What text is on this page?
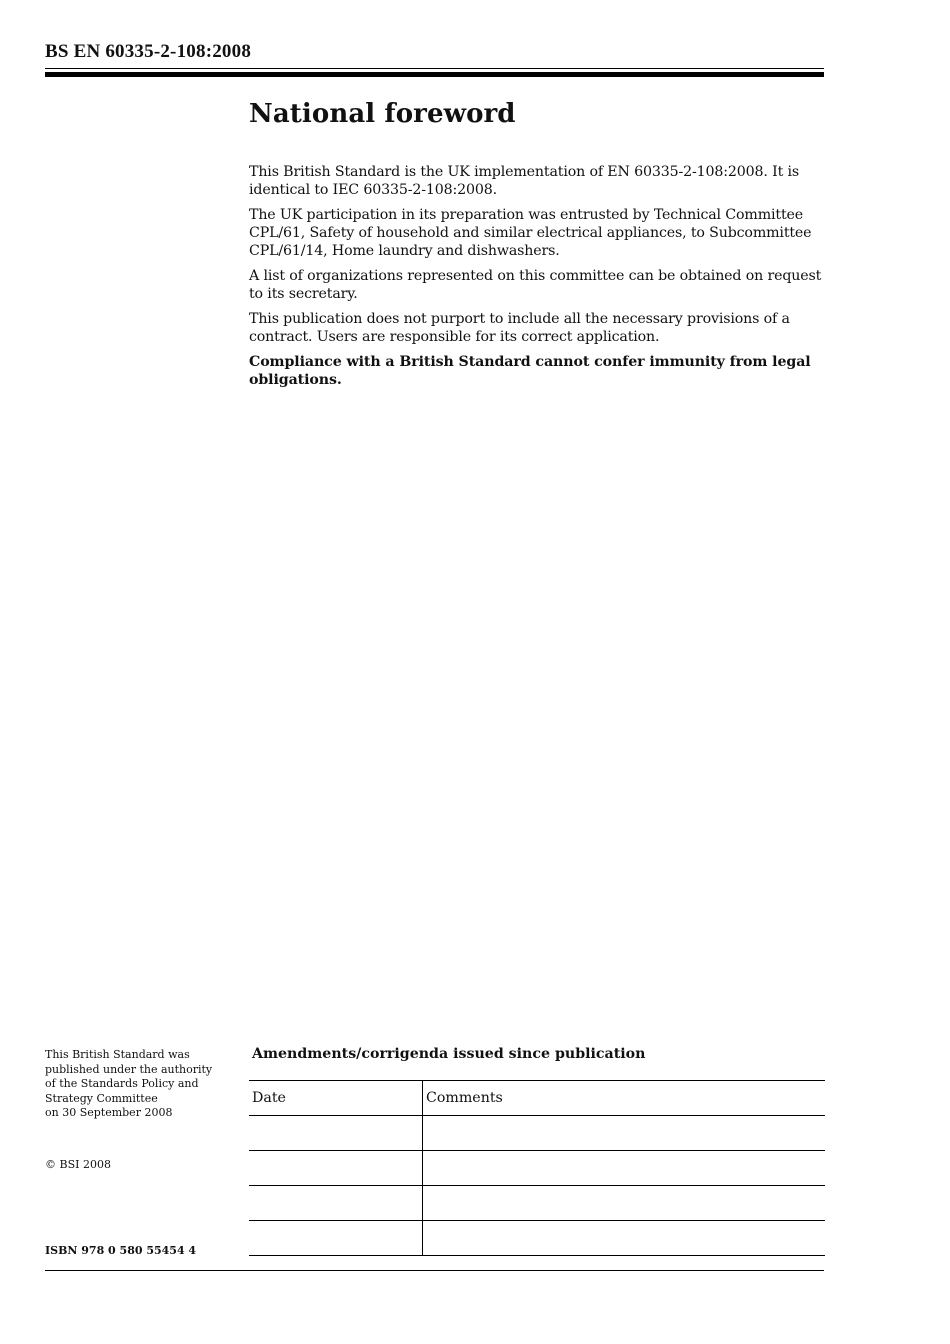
BS EN 60335-2-108:2008
National foreword

This British Standard is the UK implementation of EN 60335-2-108:2008. It is identical to IEC 60335-2-108:2008.

The UK participation in its preparation was entrusted by Technical Committee CPL/61, Safety of household and similar electrical appliances, to Subcommittee CPL/61/14, Home laundry and dishwashers.

A list of organizations represented on this committee can be obtained on request to its secretary.

This publication does not purport to include all the necessary provisions of a contract. Users are responsible for its correct application.

Compliance with a British Standard cannot confer immunity from legal obligations.

This British Standard was
published under the authority
of the Standards Policy and
Strategy Committee
on 30 September 2008

© BSI 2008

ISBN 978 0 580 55454 4

Amendments/corrigenda issued since publication
Date	Comments
